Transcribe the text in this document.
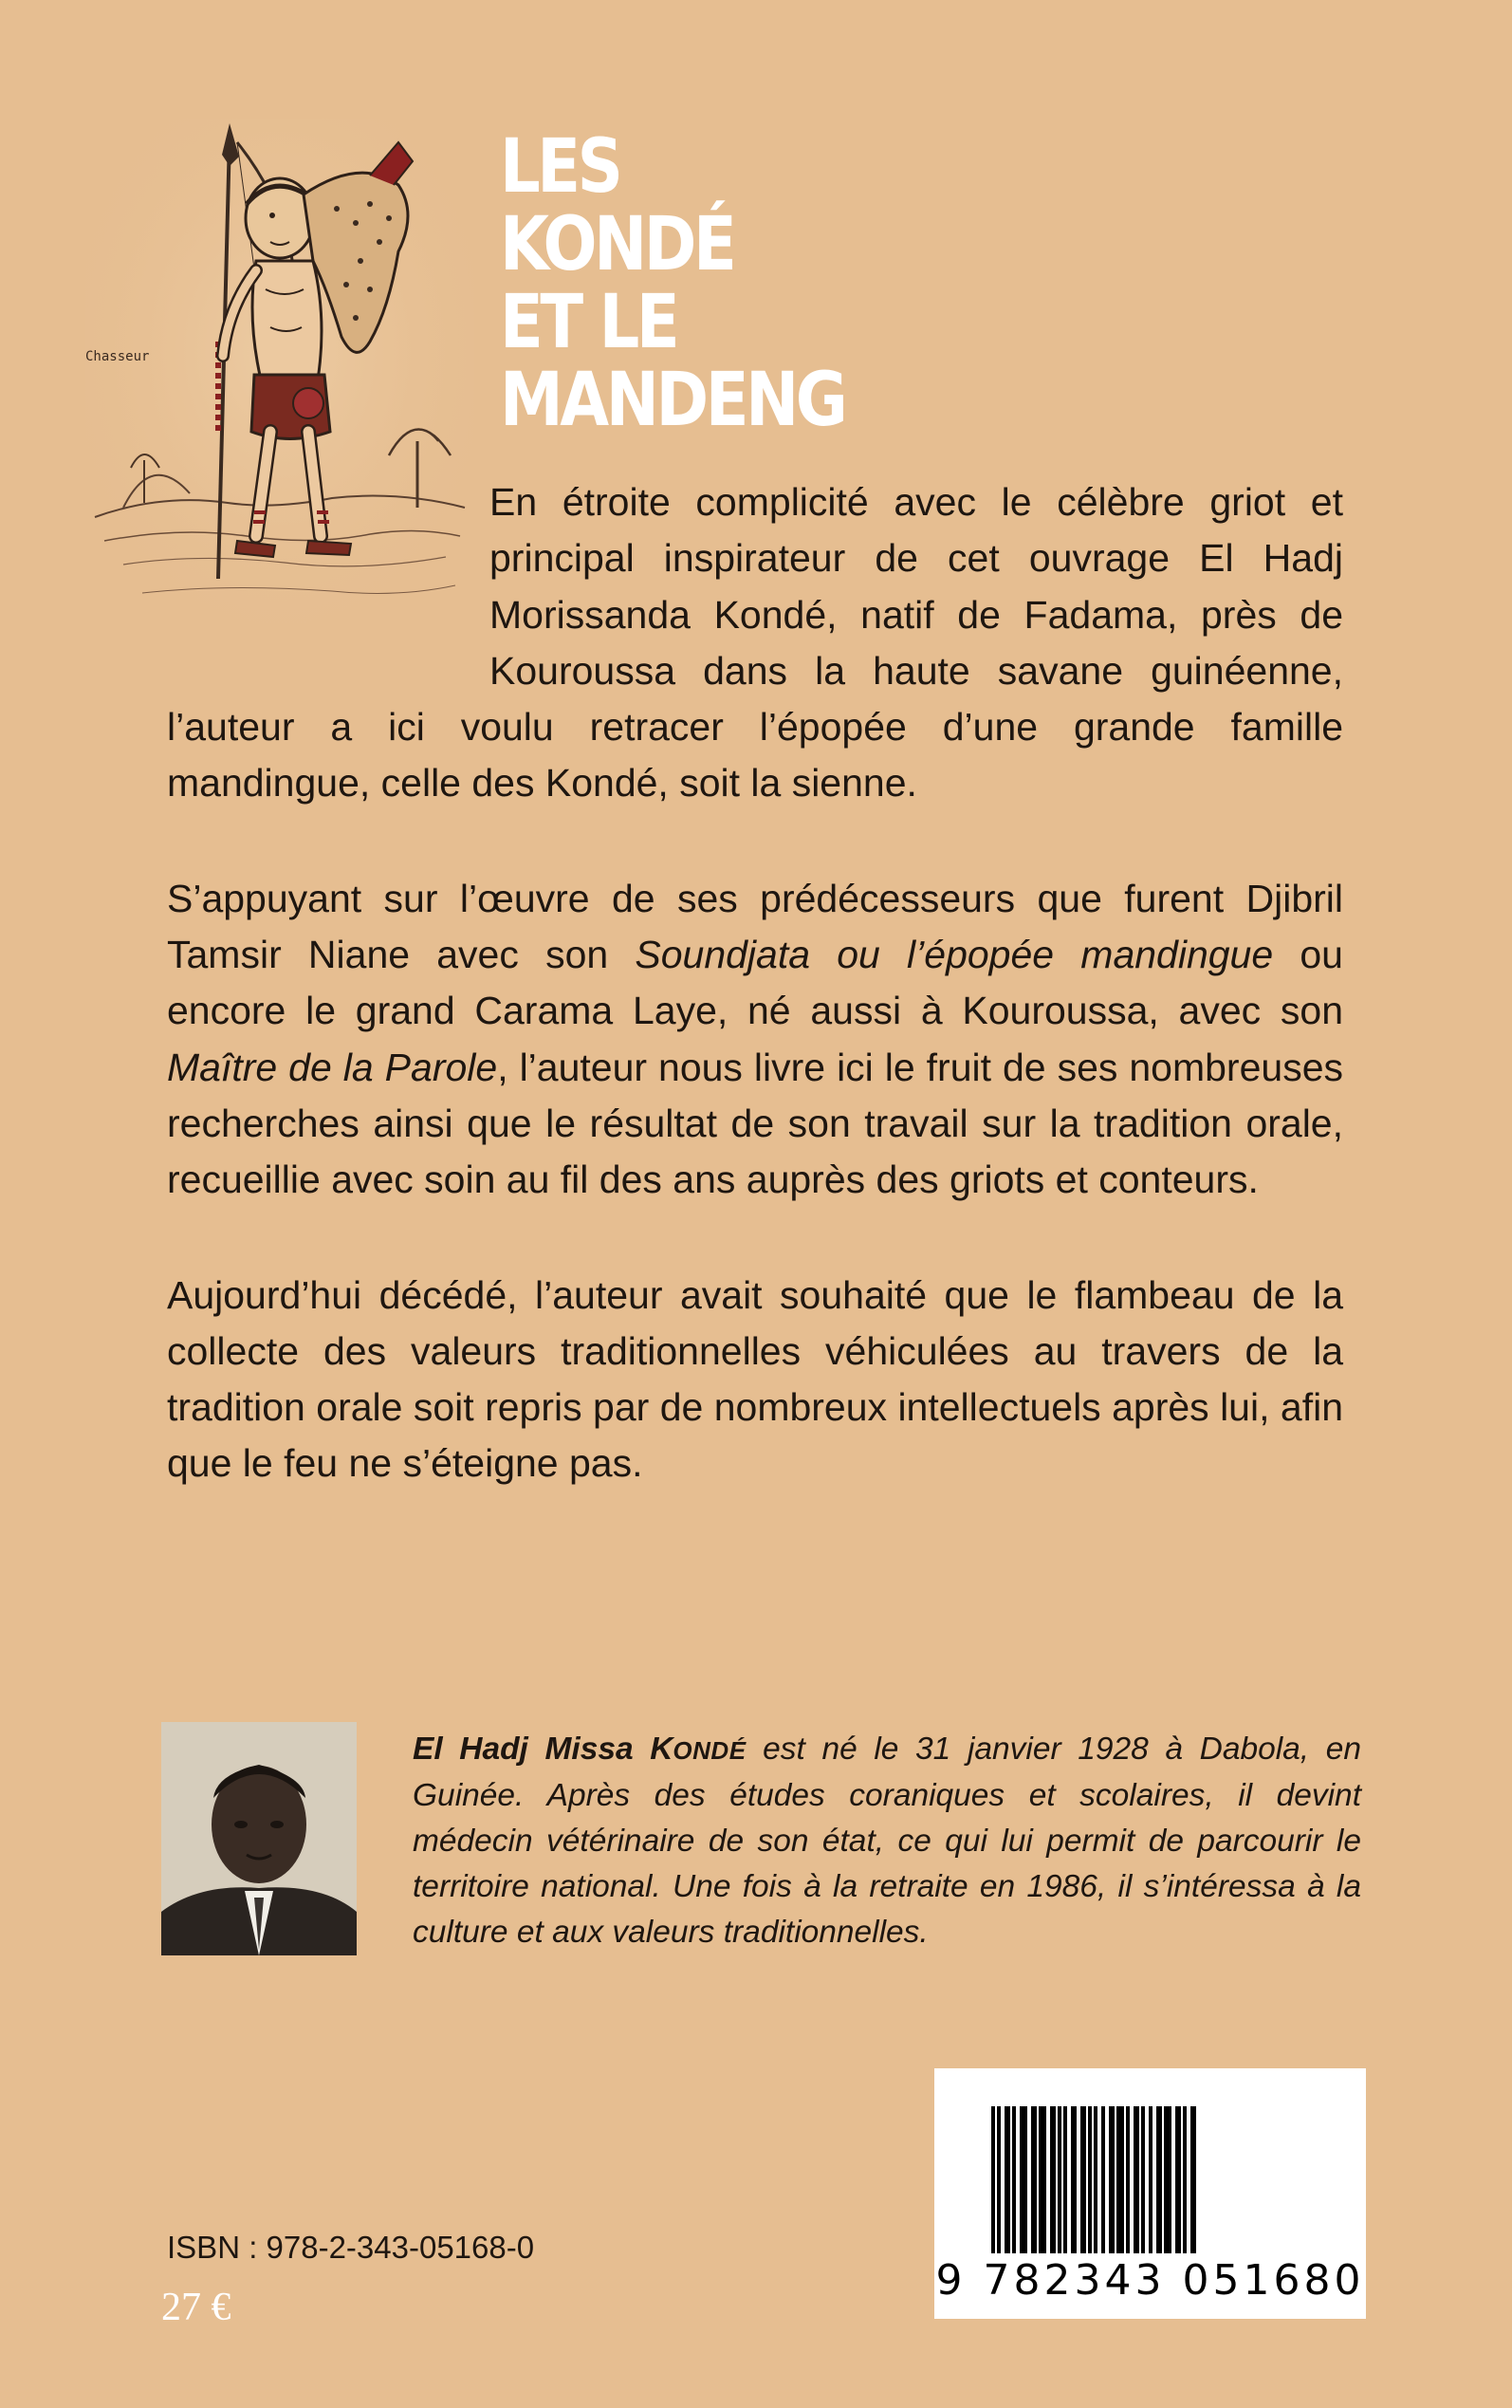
Chasseur
LES
KONDÉ
ET LE
MANDENG

En étroite complicité avec le célèbre griot et principal inspirateur de cet ouvrage El Hadj Morissanda Kondé, natif de Fadama, près de Kouroussa dans la haute savane guinéenne, l’auteur a ici voulu retracer l’épopée d’une grande famille mandingue, celle des Kondé, soit la sienne.

S’appuyant sur l’œuvre de ses prédécesseurs que furent Djibril Tamsir Niane avec son Soundjata ou l’épopée mandingue ou encore le grand Carama Laye, né aussi à Kouroussa, avec son Maître de la Parole, l’auteur nous livre ici le fruit de ses nombreuses recherches ainsi que le résultat de son travail sur la tradition orale, recueillie avec soin au fil des ans auprès des griots et conteurs.

Aujourd’hui décédé, l’auteur avait souhaité que le flambeau de la collecte des valeurs traditionnelles véhiculées au travers de la tradition orale soit repris par de nombreux intellectuels après lui, afin que le feu ne s’éteigne pas.

El Hadj Missa KONDÉ est né le 31 janvier 1928 à Dabola, en Guinée. Après des études coraniques et scolaires, il devint médecin vétérinaire de son état, ce qui lui permit de parcourir le territoire national. Une fois à la retraite en 1986, il s’intéressa à la culture et aux valeurs traditionnelles.

9 782343 051680

ISBN : 978-2-343-05168-0

27 €
